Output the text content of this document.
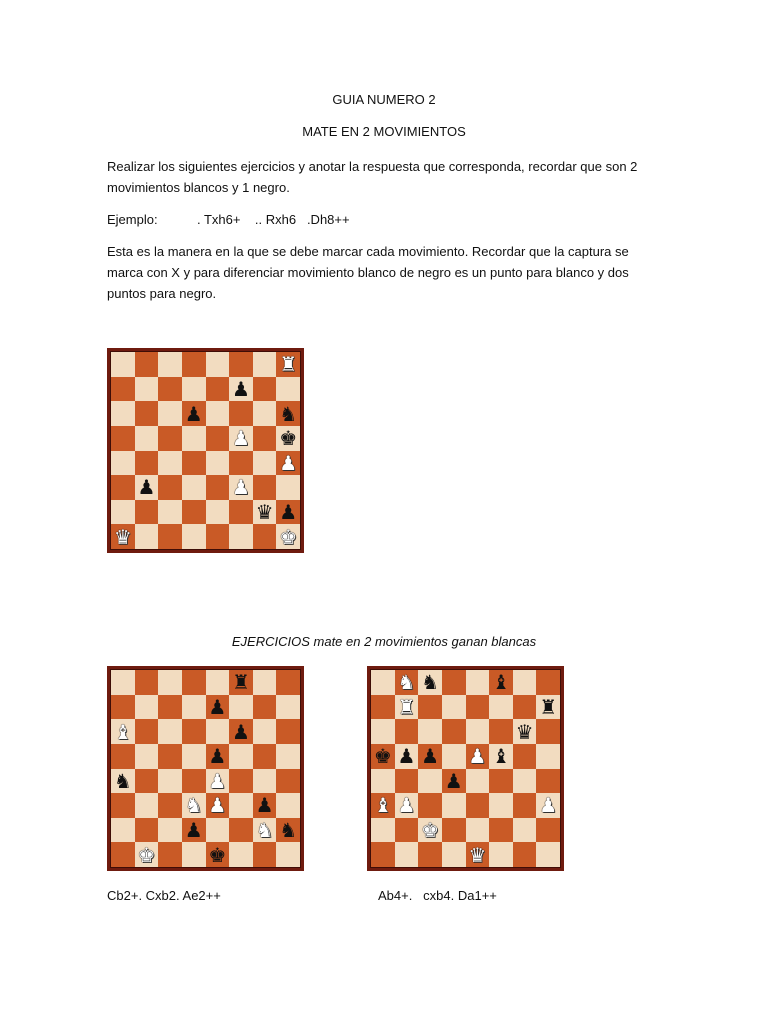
GUIA NUMERO 2
MATE EN 2 MOVIMIENTOS
Realizar los siguientes ejercicios y anotar la respuesta que corresponda, recordar que son 2 movimientos blancos y 1 negro.
Ejemplo:	. Txh6+    .. Rxh6   .Dh8++
Esta es la manera en la que se debe marcar cada movimiento. Recordar que la captura se marca con X y para diferenciar movimiento blanco de negro es un punto para blanco y dos puntos para negro.
♜
♟
♟	♞
♟ ♚
♟
♟	♟
♛ ♟
♛	♚
EJERCICIOS mate en 2 movimientos ganan blancas
♜
♟
♝	♟
♟
♞	♟
♞ ♟ ♟
♟	♞ ♞
♚	♚
♞ ♞	♝
♜	♜
♛
♚ ♟ ♟ ♟ ♝
♟
♝ ♟	♟
♚
♛
Cb2+. Cxb2. Ae2++	Ab4+.   cxb4. Da1++
